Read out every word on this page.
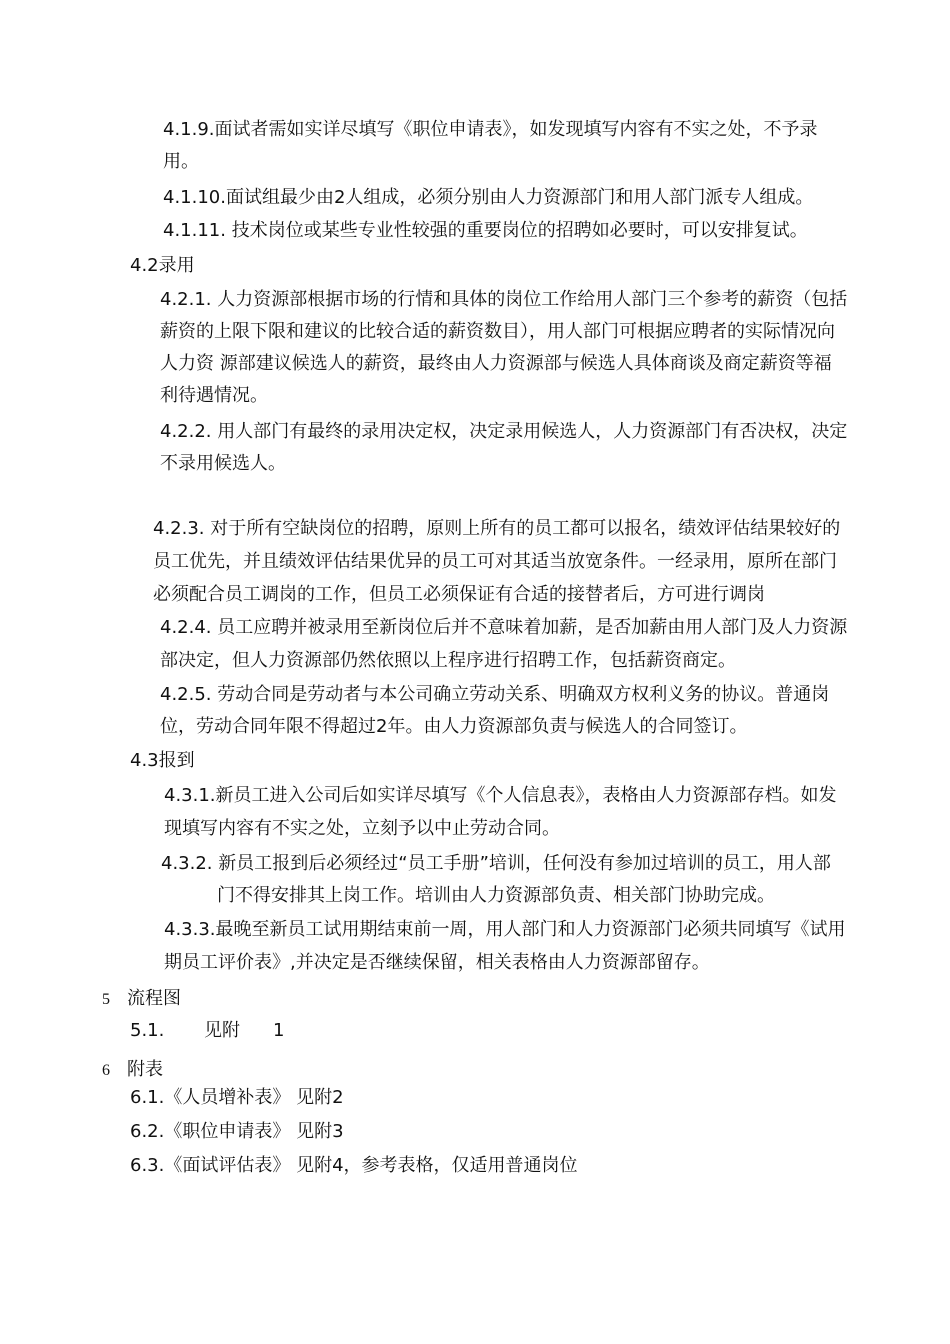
4.1.9.面试者需如实详尽填写《职位申请表》，如发现填写内容有不实之处，不予录
用。
4.1.10.面试组最少由2人组成，必须分别由人力资源部门和用人部门派专人组成。
4.1.11. 技术岗位或某些专业性较强的重要岗位的招聘如必要时，可以安排复试。
4.2录用
4.2.1. 人力资源部根据市场的行情和具体的岗位工作给用人部门三个参考的薪资（包括
薪资的上限下限和建议的比较合适的薪资数目），用人部门可根据应聘者的实际情况向
人力资 源部建议候选人的薪资，最终由人力资源部与候选人具体商谈及商定薪资等福
利待遇情况。
4.2.2. 用人部门有最终的录用决定权，决定录用候选人，人力资源部门有否决权，决定
不录用候选人。
4.2.3. 对于所有空缺岗位的招聘，原则上所有的员工都可以报名，绩效评估结果较好的
员工优先，并且绩效评估结果优异的员工可对其适当放宽条件。一经录用，原所在部门
必须配合员工调岗的工作，但员工必须保证有合适的接替者后，方可进行调岗
4.2.4. 员工应聘并被录用至新岗位后并不意味着加薪，是否加薪由用人部门及人力资源
部决定，但人力资源部仍然依照以上程序进行招聘工作，包括薪资商定。
4.2.5. 劳动合同是劳动者与本公司确立劳动关系、明确双方权利义务的协议。普通岗
位，劳动合同年限不得超过2年。由人力资源部负责与候选人的合同签订。
4.3报到
4.3.1.新员工进入公司后如实详尽填写《个人信息表》，表格由人力资源部存档。如发
现填写内容有不实之处，立刻予以中止劳动合同。
4.3.2. 新员工报到后必须经过“员工手册”培训，任何没有参加过培训的员工，用人部
门不得安排其上岗工作。培训由人力资源部负责、相关部门协助完成。
4.3.3.最晚至新员工试用期结束前一周，用人部门和人力资源部门必须共同填写《试用
期员工评价表》,并决定是否继续保留，相关表格由人力资源部留存。
5 流程图
5.1. 见附 1
6 附表
6.1.《人员增补表》 见附2
6.2.《职位申请表》 见附3
6.3.《面试评估表》 见附4，参考表格，仅适用普通岗位
